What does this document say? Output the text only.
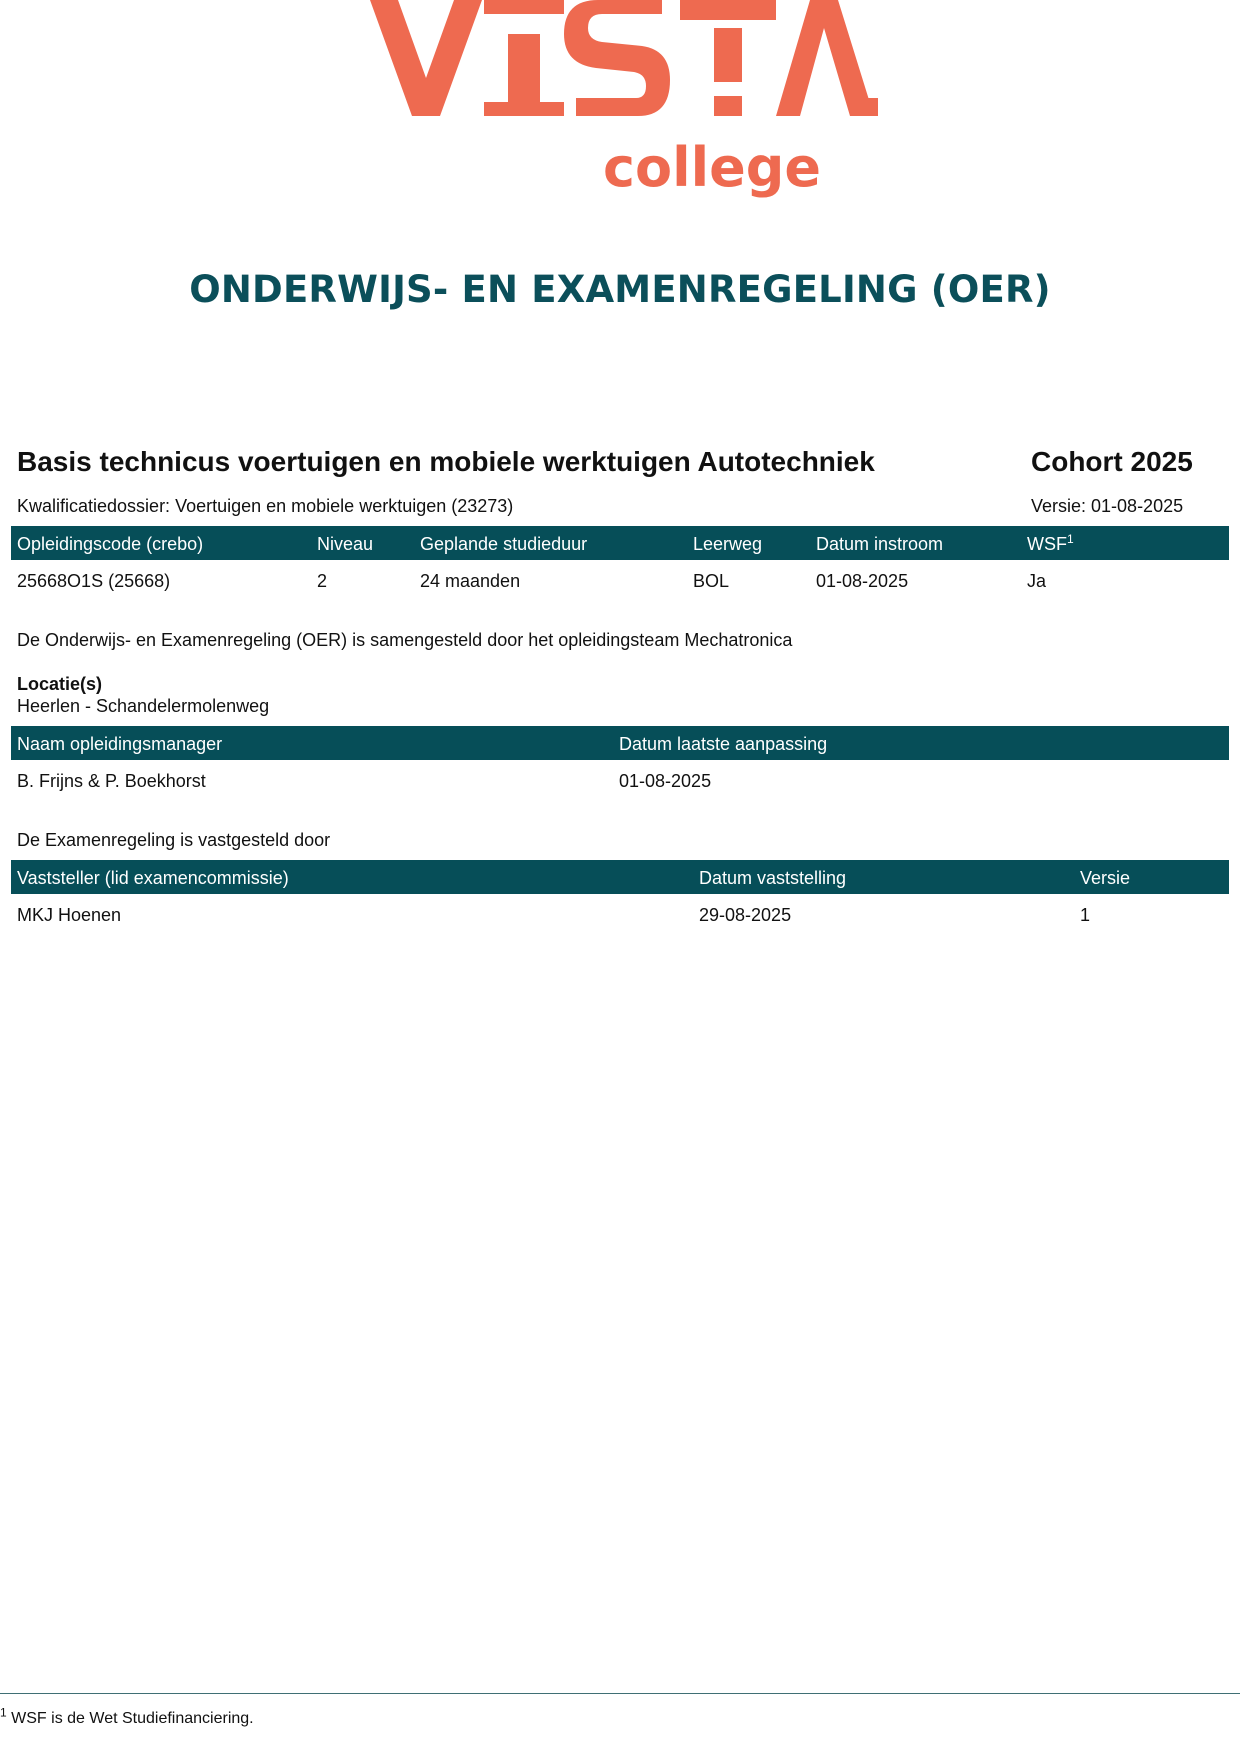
college
ONDERWIJS- EN EXAMENREGELING (OER)
Basis technicus voertuigen en mobiele werktuigen Autotechniek	Cohort 2025
Kwalificatiedossier: Voertuigen en mobiele werktuigen (23273)	Versie: 01-08-2025
Opleidingscode (crebo)	Niveau	Geplande studieduur	Leerweg	Datum instroom	WSF$^1$
25668O1S (25668)	2	24 maanden	BOL	01-08-2025	Ja
De Onderwijs- en Examenregeling (OER) is samengesteld door het opleidingsteam Mechatronica
Locatie(s)
Heerlen - Schandelermolenweg
Naam opleidingsmanager	Datum laatste aanpassing
B. Frijns & P. Boekhorst	01-08-2025
De Examenregeling is vastgesteld door
Vaststeller (lid examencommissie)	Datum vaststelling	Versie
MKJ Hoenen	29-08-2025	1
$^1$ WSF is de Wet Studiefinanciering.
